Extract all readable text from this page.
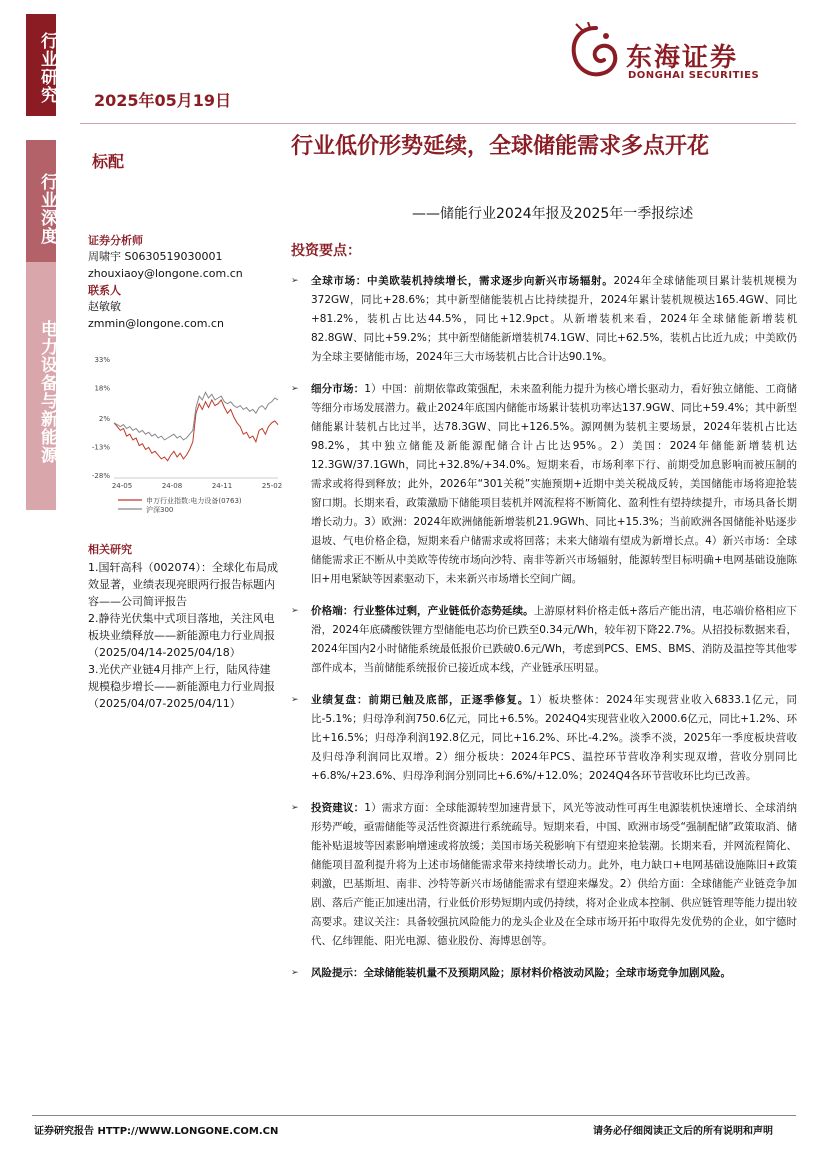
行业研究
行业深度
电力设备与新能源
2025年05月19日
东海证券
DONGHAI SECURITIES
标配
行业低价形势延续，全球储能需求多点开花
——储能行业2024年报及2025年一季报综述
证券分析师
周啸宇 S0630519030001
zhouxiaoy@longone.com.cn
联系人
赵敏敏
zmmin@longone.com.cn
33%
18%
2%
-13%
-28%
24-05	24-08	24-11	25-02
申万行业指数:电力设备(0763)
沪深300
相关研究
1.国轩高科（002074）：全球化布局成效显著，业绩表现亮眼两行报告标题内容——公司简评报告
2.静待光伏集中式项目落地，关注风电板块业绩释放——新能源电力行业周报（2025/04/14-2025/04/18）
3.光伏产业链4月排产上行，陆风待建规模稳步增长——新能源电力行业周报（2025/04/07-2025/04/11）
投资要点：
➢ 全球市场：中美欧装机持续增长，需求逐步向新兴市场辐射。2024年全球储能项目累计装机规模为372GW，同比+28.6%；其中新型储能装机占比持续提升，2024年累计装机规模达165.4GW、同比+81.2%，装机占比达44.5%，同比+12.9pct。从新增装机来看，2024年全球储能新增装机82.8GW、同比+59.2%；其中新型储能新增装机74.1GW、同比+62.5%，装机占比近九成；中美欧仍为全球主要储能市场，2024年三大市场装机占比合计达90.1%。
➢ 细分市场：1）中国：前期依靠政策强配，未来盈利能力提升为核心增长驱动力，看好独立储能、工商储等细分市场发展潜力。截止2024年底国内储能市场累计装机功率达137.9GW、同比+59.4%；其中新型储能累计装机占比过半，达78.3GW、同比+126.5%。源网侧为装机主要场景，2024年装机占比达98.2%，其中独立储能及新能源配储合计占比达95%。2）美国：2024年储能新增装机达12.3GW/37.1GWh，同比+32.8%/+34.0%。短期来看，市场利率下行、前期受加息影响而被压制的需求或将得到释放；此外，2026年“301关税”实施预期+近期中美关税战反转，美国储能市场将迎抢装窗口期。长期来看，政策激励下储能项目装机并网流程将不断简化、盈利性有望持续提升，市场具备长期增长动力。3）欧洲：2024年欧洲储能新增装机21.9GWh、同比+15.3%；当前欧洲各国储能补贴逐步退坡、气电价格企稳，短期来看户储需求或将回落；未来大储端有望成为新增长点。4）新兴市场：全球储能需求正不断从中美欧等传统市场向沙特、南非等新兴市场辐射，能源转型目标明确+电网基础设施陈旧+用电紧缺等因素驱动下，未来新兴市场增长空间广阔。
➢ 价格端：行业整体过剩，产业链低价态势延续。上游原材料价格走低+落后产能出清，电芯端价格相应下滑，2024年底磷酸铁锂方型储能电芯均价已跌至0.34元/Wh，较年初下降22.7%。从招投标数据来看，2024年国内2小时储能系统最低报价已跌破0.6元/Wh，考虑到PCS、EMS、BMS、消防及温控等其他零部件成本，当前储能系统报价已接近成本线，产业链承压明显。
➢ 业绩复盘：前期已触及底部，正逐季修复。1）板块整体：2024年实现营业收入6833.1亿元，同比-5.1%；归母净利润750.6亿元，同比+6.5%。2024Q4实现营业收入2000.6亿元，同比+1.2%、环比+16.5%；归母净利润192.8亿元，同比+16.2%、环比-4.2%。淡季不淡，2025年一季度板块营收及归母净利润同比双增。2）细分板块：2024年PCS、温控环节营收净利实现双增，营收分别同比+6.8%/+23.6%、归母净利润分别同比+6.6%/+12.0%；2024Q4各环节营收环比均已改善。
➢ 投资建议：1）需求方面：全球能源转型加速背景下，风光等波动性可再生电源装机快速增长、全球消纳形势严峻，亟需储能等灵活性资源进行系统疏导。短期来看，中国、欧洲市场受“强制配储”政策取消、储能补贴退坡等因素影响增速或将放缓；美国市场关税影响下有望迎来抢装潮。长期来看，并网流程简化、储能项目盈利提升将为上述市场储能需求带来持续增长动力。此外，电力缺口+电网基础设施陈旧+政策刺激，巴基斯坦、南非、沙特等新兴市场储能需求有望迎来爆发。2）供给方面：全球储能产业链竞争加剧、落后产能正加速出清，行业低价形势短期内或仍持续，将对企业成本控制、供应链管理等能力提出较高要求。建议关注：具备较强抗风险能力的龙头企业及在全球市场开拓中取得先发优势的企业，如宁德时代、亿纬锂能、阳光电源、德业股份、海博思创等。
➢ 风险提示：全球储能装机量不及预期风险；原材料价格波动风险；全球市场竞争加剧风险。
证券研究报告 HTTP://WWW.LONGONE.COM.CN	请务必仔细阅读正文后的所有说明和声明
